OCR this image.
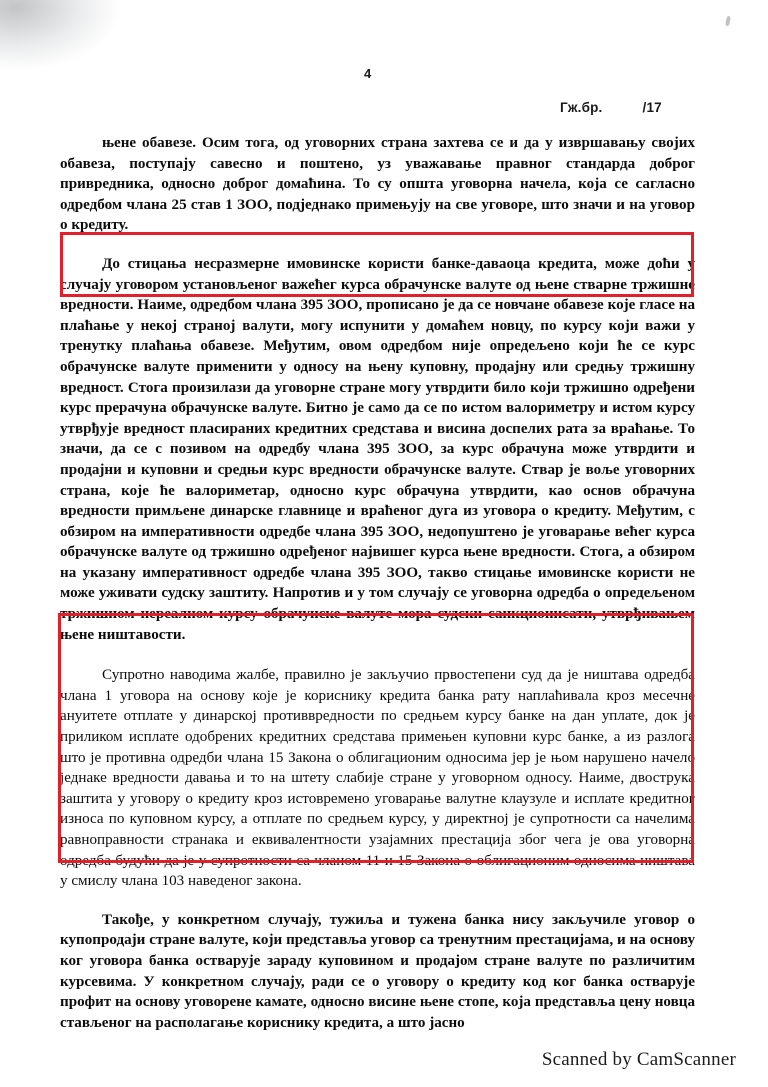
4
Гж.бр.	/17

њене обавезе. Осим тога, од уговорних страна захтева се и да у извршавању својих обавеза, поступају савесно и поштено, уз уважавање правног стандарда доброг привредника, односно доброг домаћина. То су општа уговорна начела, која се сагласно одредбом члана 25 став 1 ЗОО, подједнако примењују на све уговоре, што значи и на уговор о кредиту.

До стицања несразмерне имовинске користи банке-даваоца кредита, може доћи у случају уговором установљеног важећег курса обрачунске валуте од њене стварне тржишне вредности. Наиме, одредбом члана 395 ЗОО, прописано је да се новчане обавезе које гласе на плаћање у некој страној валути, могу испунити у домаћем новцу, по курсу који важи у тренутку плаћања обавезе. Међутим, овом одредбом није опредељено који ће се курс обрачунске валуте применити у односу на њену куповну, продајну или средњу тржишну вредност. Стога произилази да уговорне стране могу утврдити било који тржишно одређени курс прерачуна обрачунске валуте. Битно је само да се по истом валориметру и истом курсу утврђује вредност пласираних кредитних средстава и висина доспелих рата за враћање. То значи, да се с позивом на одредбу члана 395 ЗОО, за курс обрачуна може утврдити и продајни и куповни и средњи курс вредности обрачунске валуте. Ствар је воље уговорних страна, које ће валориметар, односно курс обрачуна утврдити, као основ обрачуна вредности примљене динарске главнице и враћеног дуга из уговора о кредиту. Међутим, с обзиром на императивности одредбе члана 395 ЗОО, недопуштено је уговарање већег курса обрачунске валуте од тржишно одређеног највишег курса њене вредности. Стога, а обзиром на указану императивност одредбе члана 395 ЗОО, такво стицање имовинске користи не може уживати судску заштиту. Напротив и у том случају се уговорна одредба о опредељеном тржишном нереалном курсу обрачунске валуте мора судски санкционисати, утврђивањем њене ништавости.

Супротно наводима жалбе, правилно је закључио првостепени суд да је ништава одредба члана 1 уговора на основу које је кориснику кредита банка рату наплаћивала кроз месечне ануитете отплате у динарској противвредности по средњем курсу банке на дан уплате, док је приликом исплате одобрених кредитних средстава примењен куповни курс банке, а из разлога што је противна одредби члана 15 Закона о облигационим односима јер је њом нарушено начело једнаке вредности давања и то на штету слабије стране у уговорном односу. Наиме, двострука заштита у уговору о кредиту кроз истовремено уговарање валутне клаузуле и исплате кредитног износа по куповном курсу, а отплате по средњем курсу, у директној је супротности са начелима равноправности странака и еквивалентности узајамних престација због чега је ова уговорна одредба будући да је у супротности са чланом 11 и 15 Закона о облигационим односима ништава у смислу члана 103 наведеног закона.

Такође, у конкретном случају, тужиља и тужена банка нису закључиле уговор о купопродаји стране валуте, који представља уговор са тренутним престацијама, и на основу ког уговора банка остварује зараду куповином и продајом стране валуте по различитим курсевима. У конкретном случају, ради се о уговору о кредиту код ког банка остварује профит на основу уговорене камате, односно висине њене стопе, која представља цену новца стављеног на располагање кориснику кредита, а што јасно

Scanned by CamScanner
